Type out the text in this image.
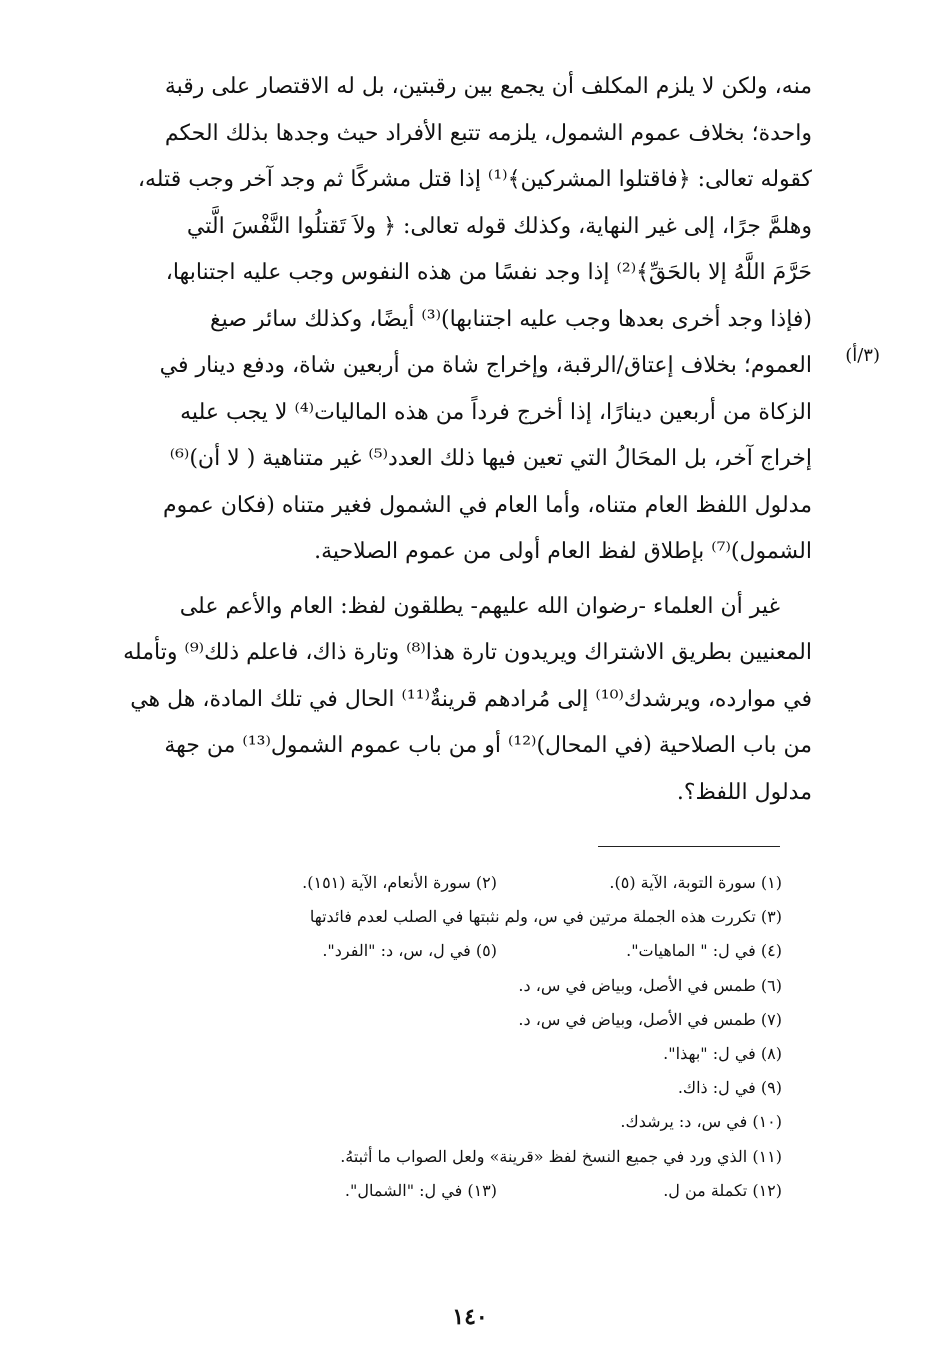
منه، ولكن لا يلزم المكلف أن يجمع بين رقبتين، بل له الاقتصار على رقبة
واحدة؛ بخلاف عموم الشمول، يلزمه تتبع الأفراد حيث وجدها بذلك الحكم
كقوله تعالى: ﴿فاقتلوا المشركين﴾⁽¹⁾ إذا قتل مشركًا ثم وجد آخر وجب قتله،
وهلمَّ جرًا، إلى غير النهاية، وكذلك قوله تعالى: ﴿ ولاَ تَقتلُوا النَّفْسَ الَّتي
حَرَّمَ اللَّهُ إلا بالحَقِّ﴾⁽²⁾ إذا وجد نفسًا من هذه النفوس وجب عليه اجتنابها،
(فإذا وجد أخرى بعدها وجب عليه اجتنابها)⁽³⁾ أيضًا، وكذلك سائر صيغ
العموم؛ بخلاف إعتاق/الرقبة، وإخراج شاة من أربعين شاة، ودفع دينار في
الزكاة من أربعين دينارًا، إذا أخرج فرداً من هذه الماليات⁽⁴⁾ لا يجب عليه
إخراج آخر، بل المحَالُ التي تعين فيها ذلك العدد⁽⁵⁾ غير متناهية ( لا أن)⁽⁶⁾
مدلول اللفظ العام متناه، وأما العام في الشمول فغير متناه (فكان عموم
الشمول)⁽⁷⁾ بإطلاق لفظ العام أولى من عموم الصلاحية.
غير أن العلماء -رضوان الله عليهم- يطلقون لفظ: العام والأعم على
المعنيين بطريق الاشتراك ويريدون تارة هذا⁽⁸⁾ وتارة ذاك، فاعلم ذلك⁽⁹⁾ وتأمله
في موارده، ويرشدك⁽¹⁰⁾ إلى مُرادهم قرينةٌ⁽¹¹⁾ الحال في تلك المادة، هل هي
من باب الصلاحية (في المحال)⁽¹²⁾ أو من باب عموم الشمول⁽¹³⁾ من جهة
مدلول اللفظ؟.
(٣/أ)
(١) سورة التوبة، الآية (٥).
(٢) سورة الأنعام، الآية (١٥١).
(٣) تكررت هذه الجملة مرتين في س، ولم نثبتها في الصلب لعدم فائدتها
(٤) في ل: " الماهيات".
(٥) في ل، س، د: "الفرد".
(٦) طمس في الأصل، وبياض في س، د.
(٧) طمس في الأصل، وبياض في س، د.
(٨) في ل: "بهذا".
(٩) في ل: ذاك.
(١٠) في س، د: يرشدك.
(١١) الذي ورد في جميع النسخ لفظ «قرينة» ولعل الصواب ما أثبتهُ.
(١٢) تكملة من ل.
(١٣) في ل: "الشمال".
١٤٠
